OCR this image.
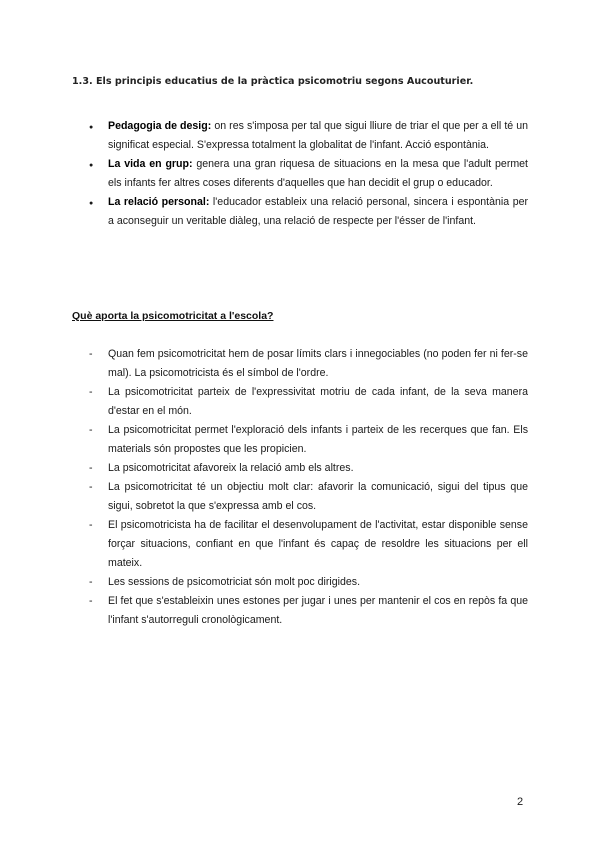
1.3. Els principis educatius de la pràctica psicomotriu segons Aucouturier.
● Pedagogia de desig: on res s'imposa per tal que sigui lliure de triar el que per a ell té un significat especial. S'expressa totalment la globalitat de l'infant. Acció espontània.
● La vida en grup: genera una gran riquesa de situacions en la mesa que l'adult permet els infants fer altres coses diferents d'aquelles que han decidit el grup o educador.
● La relació personal: l'educador estableix una relació personal, sincera i espontània per a aconseguir un veritable diàleg, una relació de respecte per l'ésser de l'infant.
Què aporta la psicomotricitat a l'escola?
- Quan fem psicomotricitat hem de posar límits clars i innegociables (no poden fer ni fer-se mal). La psicomotricista és el símbol de l'ordre.
- La psicomotricitat parteix de l'expressivitat motriu de cada infant, de la seva manera d'estar en el món.
- La psicomotricitat permet l'exploració dels infants i parteix de les recerques que fan. Els materials són propostes que les propicien.
- La psicomotricitat afavoreix la relació amb els altres.
- La psicomotricitat té un objectiu molt clar: afavorir la comunicació, sigui del tipus que sigui, sobretot la que s'expressa amb el cos.
- El psicomotricista ha de facilitar el desenvolupament de l'activitat, estar disponible sense forçar situacions, confiant en que l'infant és capaç de resoldre les situacions per ell mateix.
- Les sessions de psicomotriciat són molt poc dirigides.
- El fet que s'estableixin unes estones per jugar i unes per mantenir el cos en repòs fa que l'infant s'autorreguli cronològicament.
2
